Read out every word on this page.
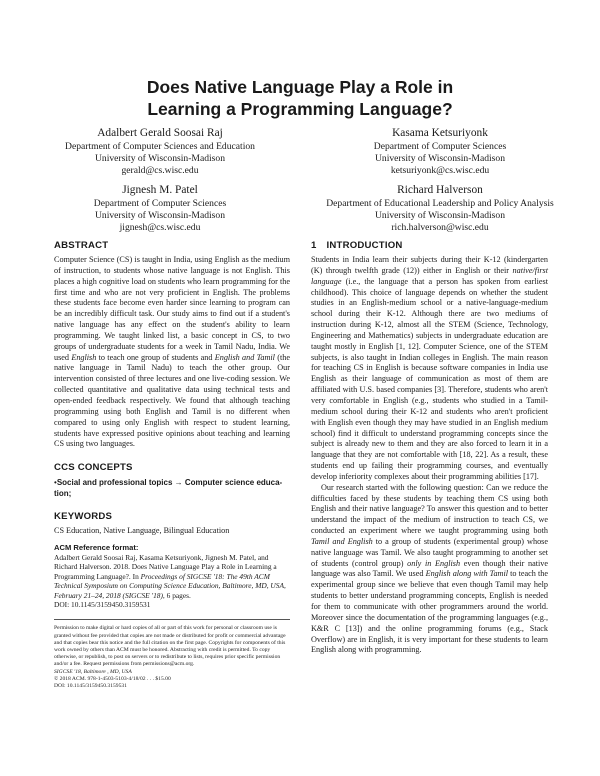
Does Native Language Play a Role in
Learning a Programming Language?
Adalbert Gerald Soosai Raj
Department of Computer Sciences and Education
University of Wisconsin-Madison
gerald@cs.wisc.edu
Kasama Ketsuriyonk
Department of Computer Sciences
University of Wisconsin-Madison
ketsuriyonk@cs.wisc.edu
Jignesh M. Patel
Department of Computer Sciences
University of Wisconsin-Madison
jignesh@cs.wisc.edu
Richard Halverson
Department of Educational Leadership and Policy Analysis
University of Wisconsin-Madison
rich.halverson@wisc.edu
ABSTRACT

Computer Science (CS) is taught in India, using English as the medium of instruction, to students whose native language is not English. This places a high cognitive load on students who learn programming for the first time and who are not very proficient in English. The problems these students face become even harder since learning to program can be an incredibly difficult task. Our study aims to find out if a student's native language has any effect on the student's ability to learn programming. We taught linked list, a basic concept in CS, to two groups of undergraduate students for a week in Tamil Nadu, India. We used English to teach one group of students and English and Tamil (the native language in Tamil Nadu) to teach the other group. Our intervention consisted of three lectures and one live-coding session. We collected quantitative and qualitative data using technical tests and open-ended feedback respectively. We found that although teaching programming using both English and Tamil is no different when compared to using only English with respect to student learning, students have expressed positive opinions about teaching and learning CS using two languages.

CCS CONCEPTS
•Social and professional topics → Computer science educa-
tion;
KEYWORDS

CS Education, Native Language, Bilingual Education

ACM Reference format:
Adalbert Gerald Soosai Raj, Kasama Ketsuriyonk, Jignesh M. Patel, and Richard Halverson. 2018. Does Native Language Play a Role in Learning a Programming Language?. In Proceedings of SIGCSE '18: The 49th ACM Technical Symposium on Computing Science Education, Baltimore, MD, USA, February 21–24, 2018 (SIGCSE '18), 6 pages.
DOI: 10.1145/3159450.3159531
Permission to make digital or hard copies of all or part of this work for personal or classroom use is granted without fee provided that copies are not made or distributed for profit or commercial advantage and that copies bear this notice and the full citation on the first page. Copyrights for components of this work owned by others than ACM must be honored. Abstracting with credit is permitted. To copy otherwise, or republish, to post on servers or to redistribute to lists, requires prior specific permission and/or a fee. Request permissions from permissions@acm.org.
SIGCSE '18, Baltimore , MD, USA
© 2018 ACM. 978-1-4503-5103-4/18/02 . . . $15.00
DOI: 10.1145/3159450.3159531
1 INTRODUCTION

Students in India learn their subjects during their K-12 (kindergarten (K) through twelfth grade (12)) either in English or their native/first language (i.e., the language that a person has spoken from earliest childhood). This choice of language depends on whether the student studies in an English-medium school or a native-language-medium school during their K-12. Although there are two mediums of instruction during K-12, almost all the STEM (Science, Technology, Engineering and Mathematics) subjects in undergraduate education are taught mostly in English [1, 12]. Computer Science, one of the STEM subjects, is also taught in Indian colleges in English. The main reason for teaching CS in English is because software companies in India use English as their language of communication as most of them are affiliated with U.S. based companies [3]. Therefore, students who aren't very comfortable in English (e.g., students who studied in a Tamil-medium school during their K-12 and students who aren't proficient with English even though they may have studied in an English medium school) find it difficult to understand programming concepts since the subject is already new to them and they are also forced to learn it in a language that they are not comfortable with [18, 22]. As a result, these students end up failing their programming courses, and eventually develop inferiority complexes about their programming abilities [17].

Our research started with the following question: Can we reduce the difficulties faced by these students by teaching them CS using both English and their native language? To answer this question and to better understand the impact of the medium of instruction to teach CS, we conducted an experiment where we taught programming using both Tamil and English to a group of students (experimental group) whose native language was Tamil. We also taught programming to another set of students (control group) only in English even though their native language was also Tamil. We used English along with Tamil to teach the experimental group since we believe that even though Tamil may help students to better understand programming concepts, English is needed for them to communicate with other programmers around the world. Moreover since the documentation of the programming languages (e.g., K&R C [13]) and the online programming forums (e.g., Stack Overflow) are in English, it is very important for these students to learn English along with programming.
